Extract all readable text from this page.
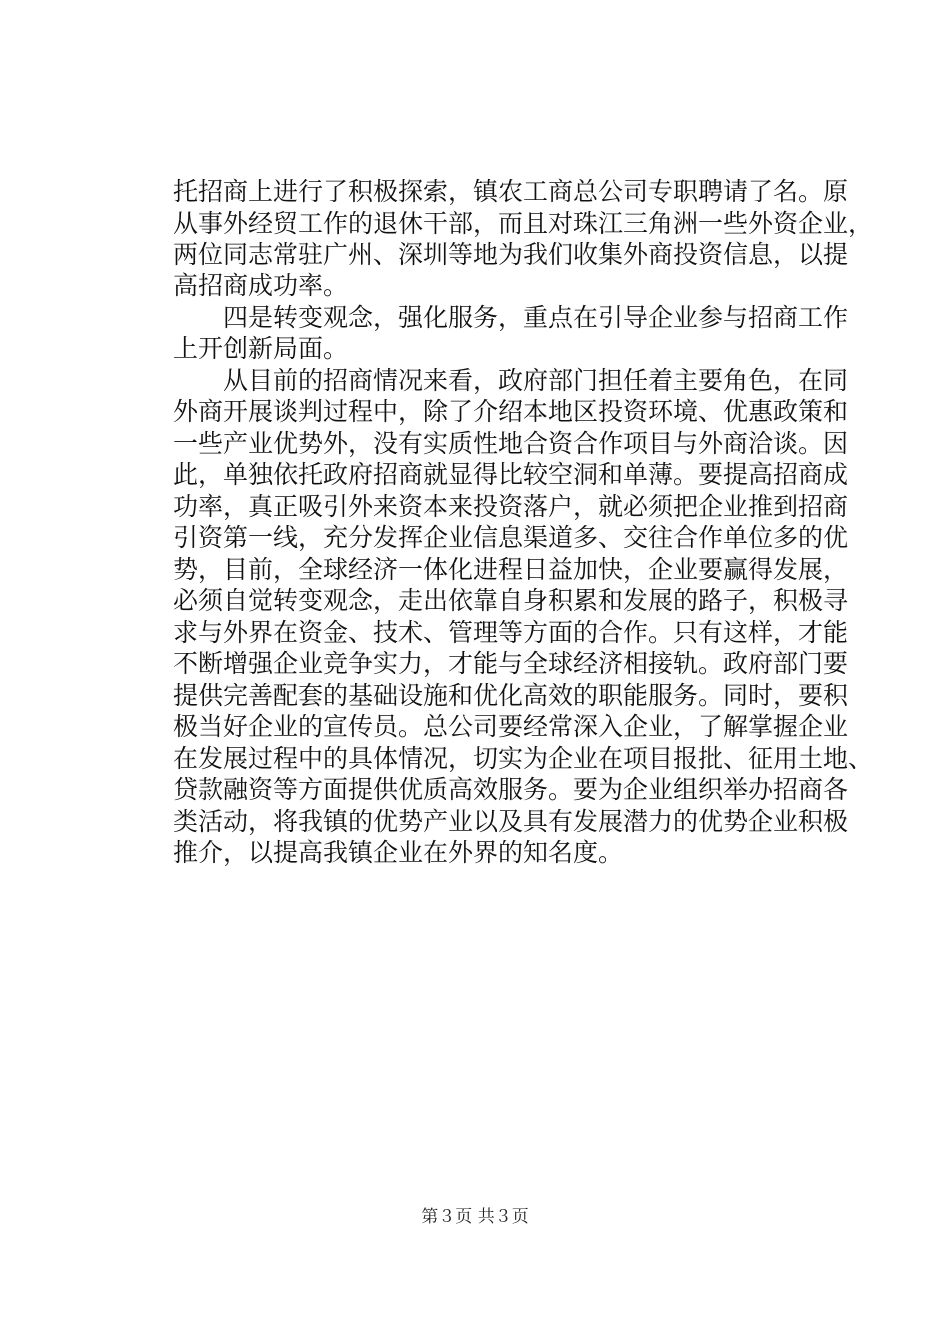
托招商上进行了积极探索，镇农工商总公司专职聘请了名。原
从事外经贸工作的退休干部，而且对珠江三角洲一些外资企业，
两位同志常驻广州、深圳等地为我们收集外商投资信息，以提
高招商成功率。
　　四是转变观念，强化服务，重点在引导企业参与招商工作
上开创新局面。
　　从目前的招商情况来看，政府部门担任着主要角色，在同
外商开展谈判过程中，除了介绍本地区投资环境、优惠政策和
一些产业优势外，没有实质性地合资合作项目与外商洽谈。因
此，单独依托政府招商就显得比较空洞和单薄。要提高招商成
功率，真正吸引外来资本来投资落户，就必须把企业推到招商
引资第一线，充分发挥企业信息渠道多、交往合作单位多的优
势，目前，全球经济一体化进程日益加快，企业要赢得发展，
必须自觉转变观念，走出依靠自身积累和发展的路子，积极寻
求与外界在资金、技术、管理等方面的合作。只有这样，才能
不断增强企业竞争实力，才能与全球经济相接轨。政府部门要
提供完善配套的基础设施和优化高效的职能服务。同时，要积
极当好企业的宣传员。总公司要经常深入企业，了解掌握企业
在发展过程中的具体情况，切实为企业在项目报批、征用土地、
贷款融资等方面提供优质高效服务。要为企业组织举办招商各
类活动，将我镇的优势产业以及具有发展潜力的优势企业积极
推介，以提高我镇企业在外界的知名度。
第３页 共３页
